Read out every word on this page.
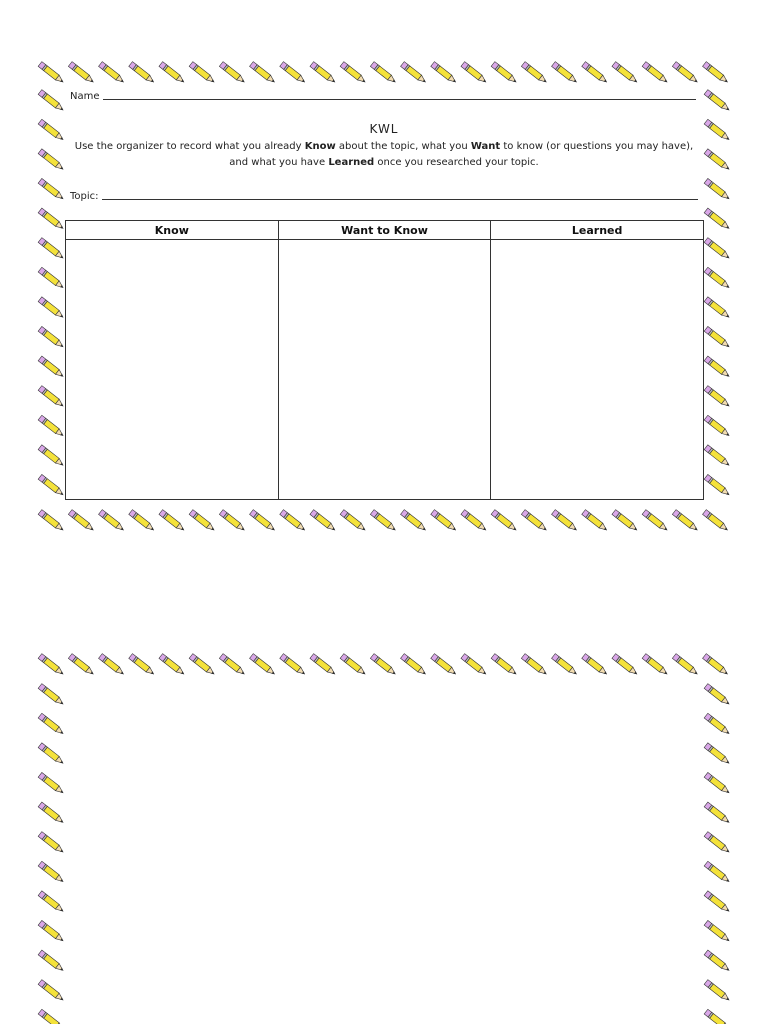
Name
KWL
Use the organizer to record what you already Know about the topic, what you Want to know (or questions you may have), and what you have Learned once you researched your topic.
Topic:
Know	Want to Know	Learned
